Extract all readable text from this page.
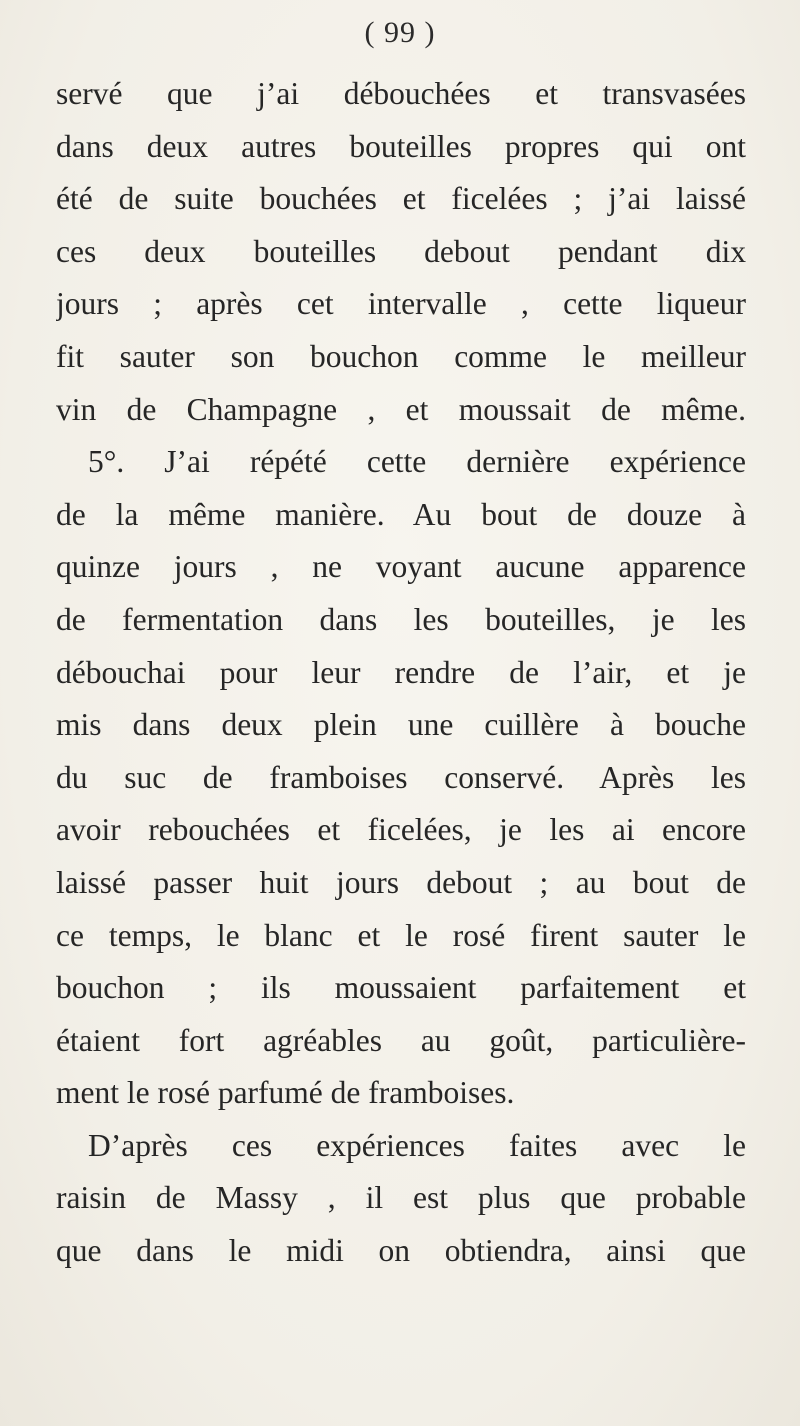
( 99 )
servé que j’ai débouchées et transvasées
dans deux autres bouteilles propres qui ont
été de suite bouchées et ficelées ; j’ai laissé
ces deux bouteilles debout pendant dix
jours ; après cet intervalle , cette liqueur
fit sauter son bouchon comme le meilleur
vin de Champagne , et moussait de même.
5°. J’ai répété cette dernière expérience
de la même manière. Au bout de douze à
quinze jours , ne voyant aucune apparence
de fermentation dans les bouteilles, je les
débouchai pour leur rendre de l’air, et je
mis dans deux plein une cuillère à bouche
du suc de framboises conservé. Après les
avoir rebouchées et ficelées, je les ai encore
laissé passer huit jours debout ; au bout de
ce temps, le blanc et le rosé firent sauter le
bouchon ; ils moussaient parfaitement et
étaient fort agréables au goût, particulière-
ment le rosé parfumé de framboises.
D’après ces expériences faites avec le
raisin de Massy , il est plus que probable
que dans le midi on obtiendra, ainsi que
